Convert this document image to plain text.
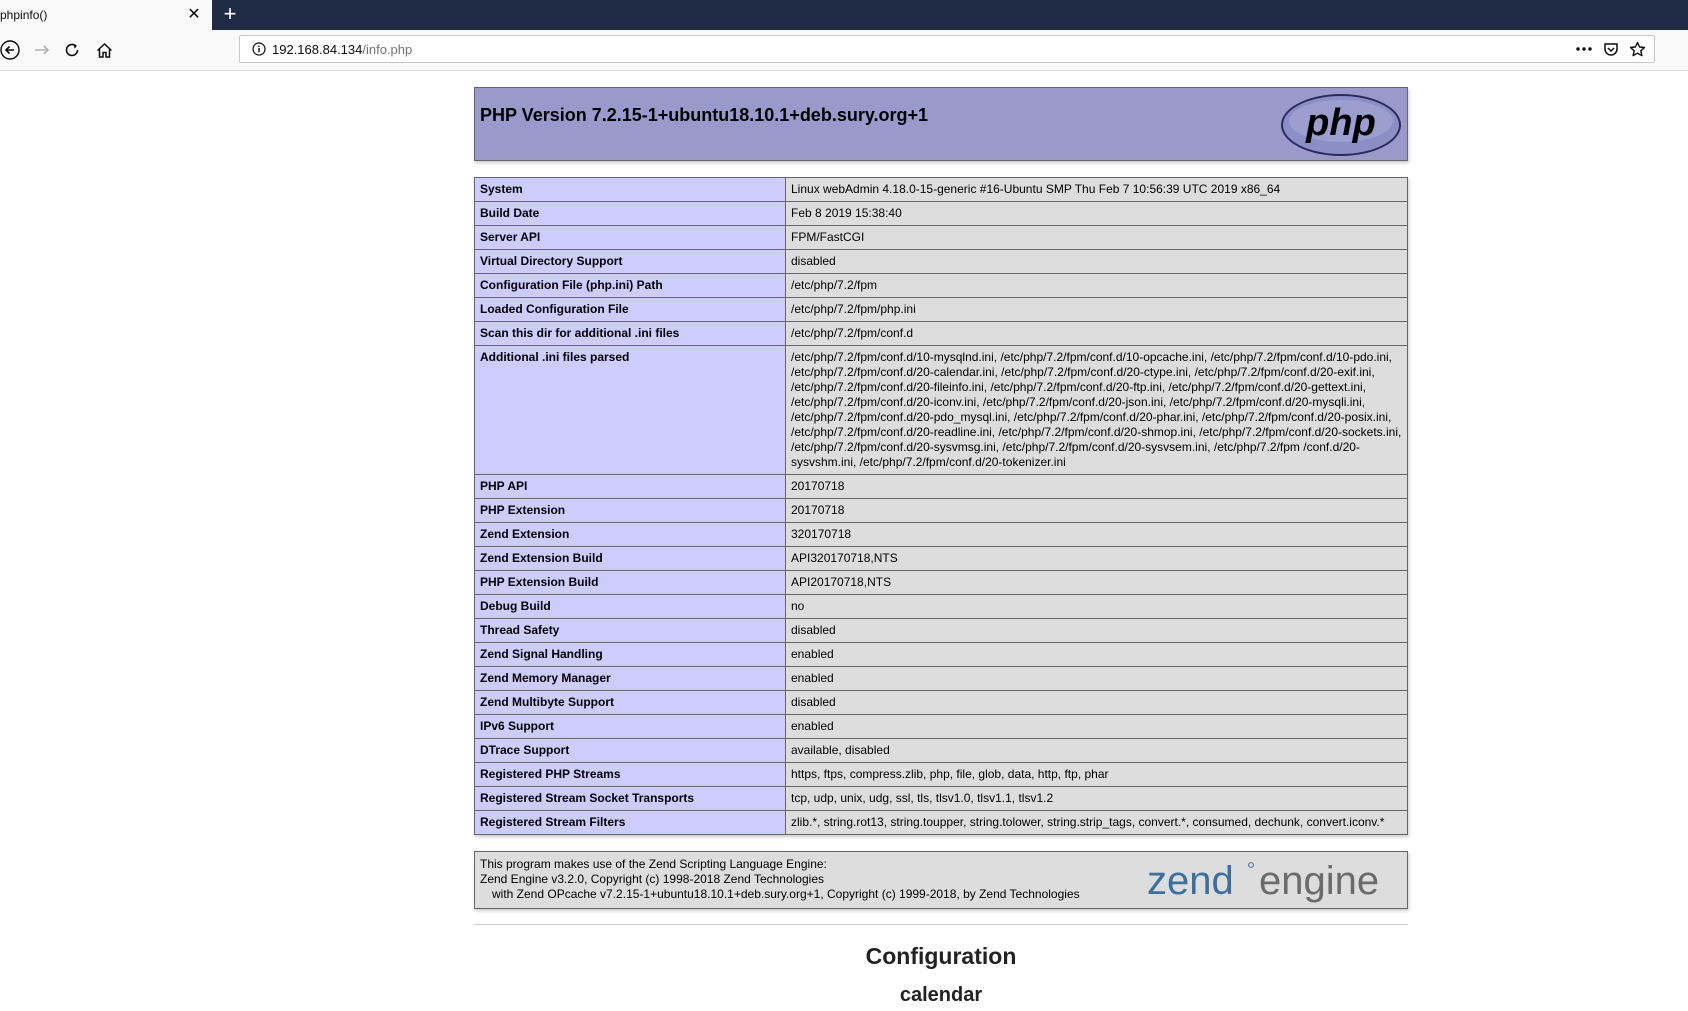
phpinfo()	✕ +
192.168.84.134/info.php
PHP Version 7.2.15-1+ubuntu18.10.1+deb.sury.org+1	php
System	Linux webAdmin 4.18.0-15-generic #16-Ubuntu SMP Thu Feb 7 10:56:39 UTC 2019 x86_64
Build Date	Feb 8 2019 15:38:40
Server API	FPM/FastCGI
Virtual Directory Support	disabled
Configuration File (php.ini) Path	/etc/php/7.2/fpm
Loaded Configuration File	/etc/php/7.2/fpm/php.ini
Scan this dir for additional .ini files	/etc/php/7.2/fpm/conf.d
Additional .ini files parsed	/etc/php/7.2/fpm/conf.d/10-mysqlnd.ini, /etc/php/7.2/fpm/conf.d/10-opcache.ini, /etc/php/7.2/fpm/conf.d/10-pdo.ini, /etc/php/7.2/fpm/conf.d/20-calendar.ini, /etc/php/7.2/fpm/conf.d/20-ctype.ini, /etc/php/7.2/fpm/conf.d/20-exif.ini, /etc/php/7.2/fpm/conf.d/20-fileinfo.ini, /etc/php/7.2/fpm/conf.d/20-ftp.ini, /etc/php/7.2/fpm/conf.d/20-gettext.ini, /etc/php/7.2/fpm/conf.d/20-iconv.ini, /etc/php/7.2/fpm/conf.d/20-json.ini, /etc/php/7.2/fpm/conf.d/20-mysqli.ini, /etc/php/7.2/fpm/conf.d/20-pdo_mysql.ini, /etc/php/7.2/fpm/conf.d/20-phar.ini, /etc/php/7.2/fpm/conf.d/20-posix.ini, /etc/php/7.2/fpm/conf.d/20-readline.ini, /etc/php/7.2/fpm/conf.d/20-shmop.ini, /etc/php/7.2/fpm/conf.d/20-sockets.ini, /etc/php/7.2/fpm/conf.d/20-sysvmsg.ini, /etc/php/7.2/fpm/conf.d/20-sysvsem.ini, /etc/php/7.2/fpm /conf.d/20-sysvshm.ini, /etc/php/7.2/fpm/conf.d/20-tokenizer.ini
PHP API	20170718
PHP Extension	20170718
Zend Extension	320170718
Zend Extension Build	API320170718,NTS
PHP Extension Build	API20170718,NTS
Debug Build	no
Thread Safety	disabled
Zend Signal Handling	enabled
Zend Memory Manager	enabled
Zend Multibyte Support	disabled
IPv6 Support	enabled
DTrace Support	available, disabled
Registered PHP Streams	https, ftps, compress.zlib, php, file, glob, data, http, ftp, phar
Registered Stream Socket Transports	tcp, udp, unix, udg, ssl, tls, tlsv1.0, tlsv1.1, tlsv1.2
Registered Stream Filters	zlib.*, string.rot13, string.toupper, string.tolower, string.strip_tags, convert.*, consumed, dechunk, convert.iconv.*
This program makes use of the Zend Scripting Language Engine:
Zend Engine v3.2.0, Copyright (c) 1998-2018 Zend Technologies
with Zend OPcache v7.2.15-1+ubuntu18.10.1+deb.sury.org+1, Copyright (c) 1999-2018, by Zend Technologies zend engine
Configuration
calendar
